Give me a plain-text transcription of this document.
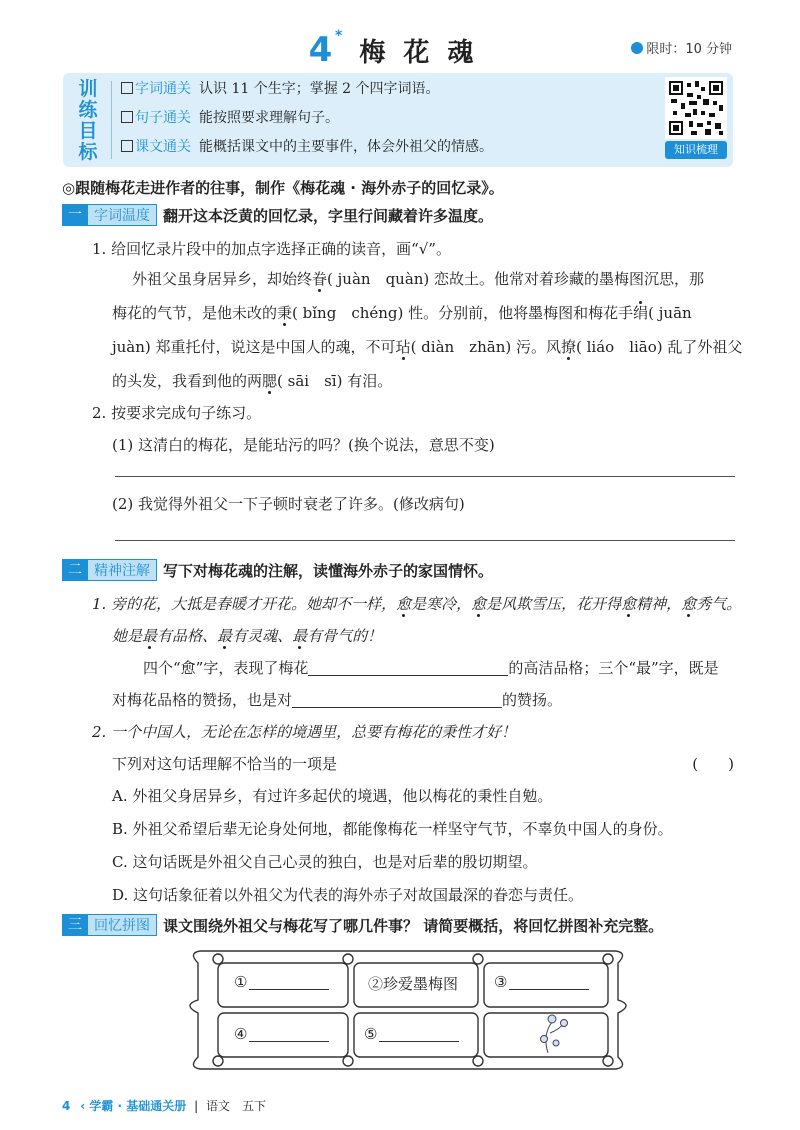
4 *
梅花魂	限时：10 分钟
训练目标
字词通关 认识 11 个生字；掌握 2 个四字词语。
句子通关 能按照要求理解句子。
课文通关 能概括课文中的主要事件，体会外祖父的情感。	知识梳理
◎跟随梅花走进作者的往事，制作《梅花魂 · 海外赤子的回忆录》。
一 字词温度 翻开这本泛黄的回忆录，字里行间藏着许多温度。
1. 给回忆录片段中的加点字选择正确的读音，画“√”。
外祖父虽身居异乡，却始终眷( juàn　quàn) 恋故土。他常对着珍藏的墨梅图沉思，那
梅花的气节，是他未改的秉( bǐng　chéng) 性。分别前，他将墨梅图和梅花手绢( juān
juàn) 郑重托付，说这是中国人的魂，不可玷( diàn　zhān) 污。风撩( liáo　liāo) 乱了外祖父
的头发，我看到他的两腮( sāi　sī) 有泪。
2. 按要求完成句子练习。
(1) 这清白的梅花，是能玷污的吗？(换个说法，意思不变)
(2) 我觉得外祖父一下子顿时衰老了许多。(修改病句)
二 精神注解 写下对梅花魂的注解，读懂海外赤子的家国情怀。
1. 旁的花，大抵是春暖才开花。她却不一样，愈是寒冷，愈是风欺雪压，花开得愈精神，愈秀气。
她是最有品格、最有灵魂、最有骨气的！
四个“愈”字，表现了梅花	的高洁品格；三个“最”字，既是
对梅花品格的赞扬，也是对	的赞扬。
2. 一个中国人，无论在怎样的境遇里，总要有梅花的秉性才好！
下列对这句话理解不恰当的一项是	(　　)
A. 外祖父身居异乡，有过许多起伏的境遇，他以梅花的秉性自勉。
B. 外祖父希望后辈无论身处何地，都能像梅花一样坚守气节，不辜负中国人的身份。
C. 这句话既是外祖父自己心灵的独白，也是对后辈的殷切期望。
D. 这句话象征着以外祖父为代表的海外赤子对故国最深的眷恋与责任。
三 回忆拼图 课文围绕外祖父与梅花写了哪几件事？ 请简要概括，将回忆拼图补充完整。
①	②珍爱墨梅图 ③
④	⑤
4 ‹ 学霸 · 基础通关册 | 语文　五下
